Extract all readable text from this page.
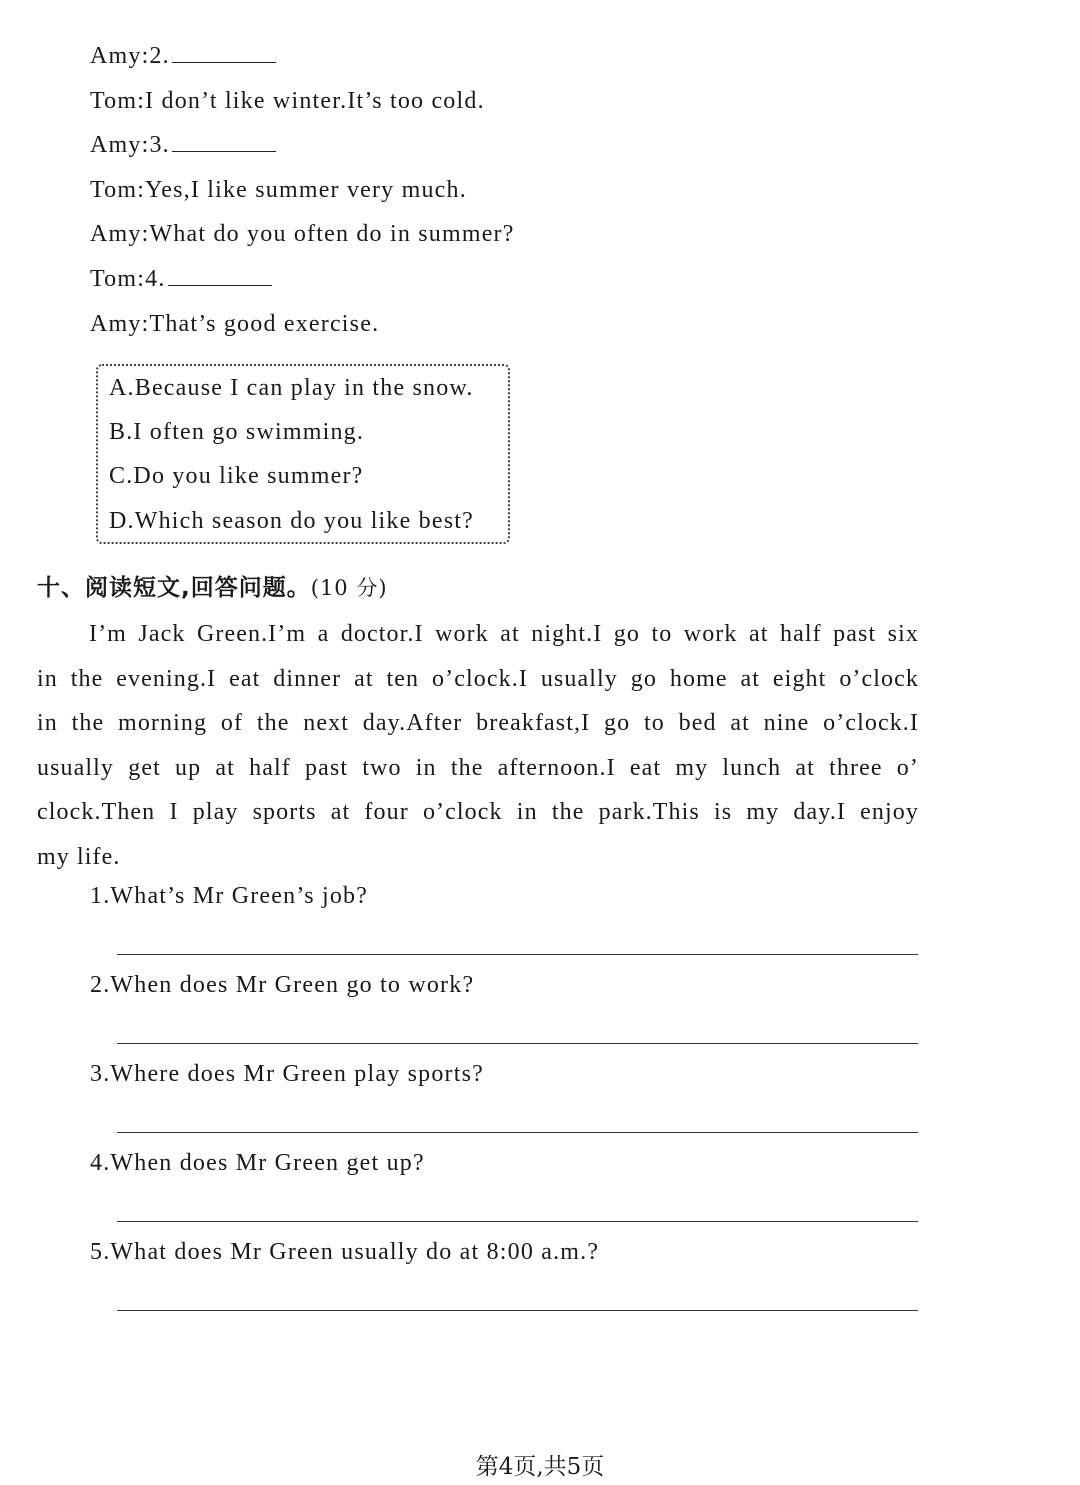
Amy:2.
Tom:I don’t like winter.It’s too cold.
Amy:3.
Tom:Yes,I like summer very much.
Amy:What do you often do in summer?
Tom:4.
Amy:That’s good exercise.
A.Because I can play in the snow.
B.I often go swimming.
C.Do you like summer?
D.Which season do you like best?
十、阅读短文,回答问题。(10 分)
I’m Jack Green.I’m a doctor.I work at night.I go to work at half past six
in the evening.I eat dinner at ten o’clock.I usually go home at eight o’clock
in the morning of the next day.After breakfast,I go to bed at nine o’clock.I
usually get up at half past two in the afternoon.I eat my lunch at three o’
clock.Then I play sports at four o’clock in the park.This is my day.I enjoy
my life.
1.What’s Mr Green’s job?
2.When does Mr Green go to work?
3.Where does Mr Green play sports?
4.When does Mr Green get up?
5.What does Mr Green usually do at 8:00 a.m.?
第4页,共5页
